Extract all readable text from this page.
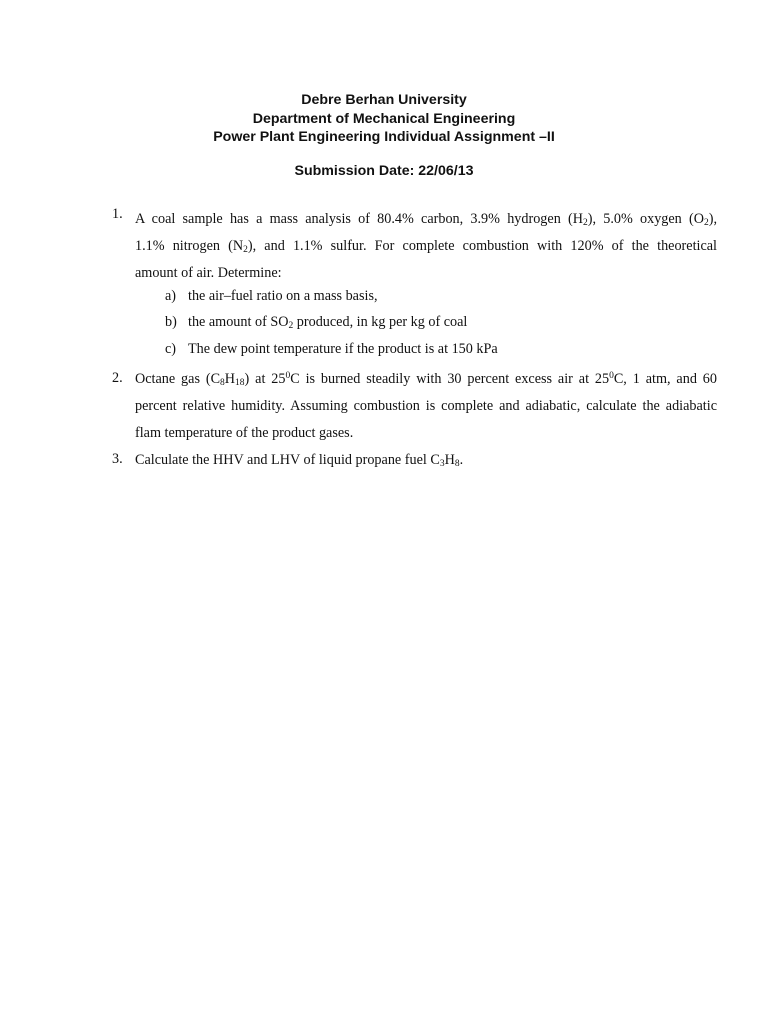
Debre Berhan University
Department of Mechanical Engineering
Power Plant Engineering Individual Assignment –II
Submission Date: 22/06/13
1. A coal sample has a mass analysis of 80.4% carbon, 3.9% hydrogen $(H_2)$, 5.0% oxygen $(O_2)$,
1.1% nitrogen $(N_2)$, and 1.1% sulfur. For complete combustion with 120% of the theoretical
amount of air. Determine:
a) the air–fuel ratio on a mass basis,
b) the amount of $SO_2$ produced, in kg per kg of coal
c) The dew point temperature if the product is at 150 kPa
2. Octane gas $(C_8H_{18})$ at $25^0C$ is burned steadily with 30 percent excess air at $25^0C$, 1 atm, and 60
percent relative humidity. Assuming combustion is complete and adiabatic, calculate the adiabatic
flam temperature of the product gases.
3. Calculate the HHV and LHV of liquid propane fuel $C_3H_8$.
